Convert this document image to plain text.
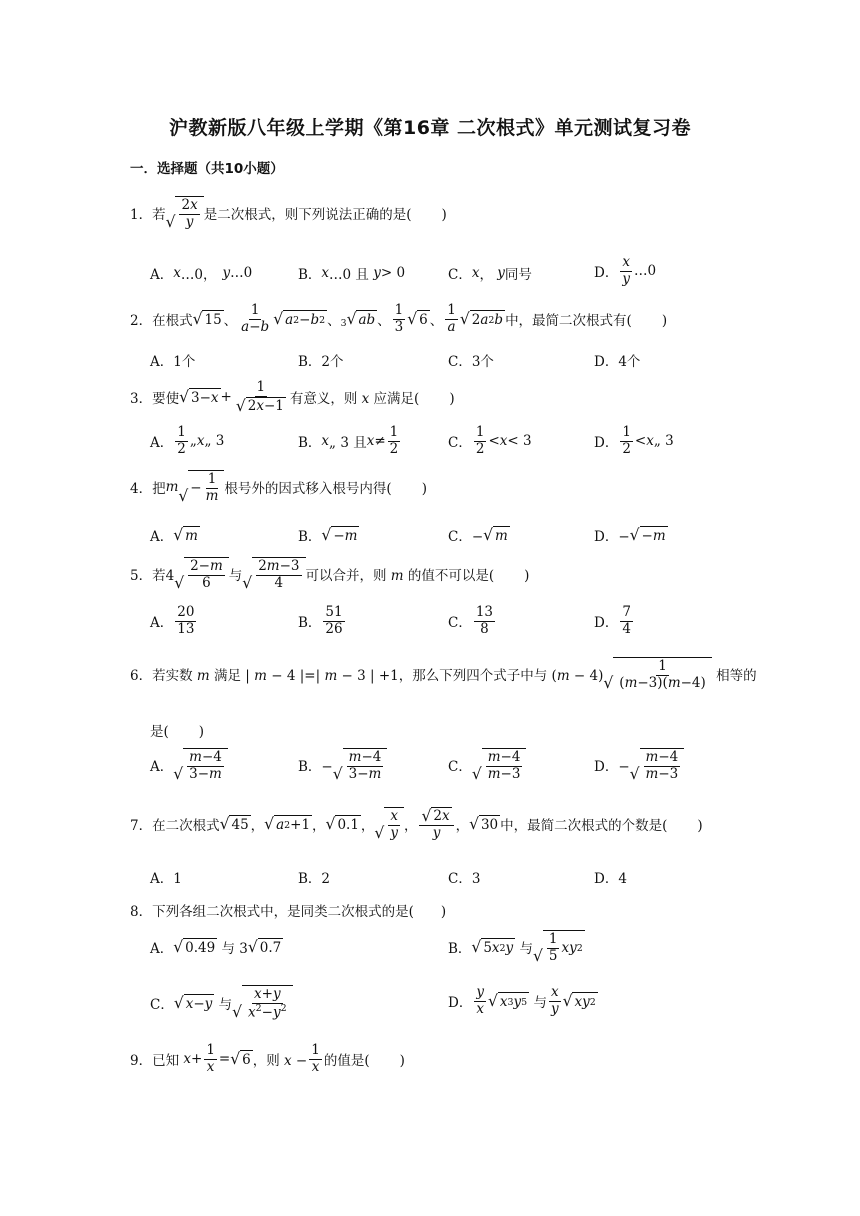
沪教新版八年级上学期《第16章 二次根式》单元测试复习卷
一．选择题（共10小题）
1． 若 √ $\frac{2x}{y}$ 是二次根式，则下列说法正确的是( )
A． x …0， y …0	B． x …0 且 y > 0	C． x ， y 同号	D． $\frac{x}{y}$ …0
2． 在根式 √ 15 、 $\frac{1}{a-b}$ √ a 2 − b 2 、 3 √ ab 、 $\frac{1}{3}$ √ 6 、 $\frac{1}{a}$ √ 2 a 2 b 中，最简二次根式有( )
A．1个	B．2个	C．3个	D．4个
3． 要使 √ $3- x + \frac{1}{√ 2 x -1}$ 有意义，则 x 应满足( )
A． $\frac{1}{2}$ „ x „ 3	B． x „ 3 且 $x \ne \frac{1}{2}$	C． $\frac{1}{2} < x < 3$	D． $\frac{1}{2} < x$ „ 3
4． 把 m √ − $\frac{1}{m}$ 根号外的因式移入根号内得( )
A． √ m	B． √ − m	C．− √ m	D．− √ − m
5． 若4 √ $\frac{2-m}{6}$ 与 √ $\frac{2m-3}{4}$ 可以合并，则 m 的值不可以是( )
A． $\frac{20}{13}$	B． $\frac{51}{26}$	C． $\frac{13}{8}$	D． $\frac{7}{4}$
6． 若实数 m 满足 | m − 4 |=| m − 3 | +1，那么下列四个式子中与 (m − 4) √ $\frac{1}{(m-3)(m-4)}$ 相等的
是( )
A． √ $\frac{m-4}{3-m}$	B．− √ $\frac{m-4}{3-m}$	C． √ $\frac{m-4}{m-3}$	D．− √ $\frac{m-4}{m-3}$
7． 在二次根式 √ 45 ， √ a 2 +1 ， √ 0.1 ， √ $\frac{x}{y}$ ， $\frac{√ 2 x}{y}$ ， √ 30 中，最简二次根式的个数是( )
A．1	B．2	C．3	D．4
8． 下列各组二次根式中，是同类二次根式的是(　　)
A． √ 0.49 与 3 √ 0.7	B． √ 5 x 2 y 与 √ $\frac{1}{5}$ xy 2
C． √ x − y 与 √ $\frac{x+y}{x^2-y^2}$	D． $\frac{y}{x}$ √ x 3 y 5 与 $\frac{x}{y}$ √ xy 2
9． 已知 $x + \frac{1}{x}$ = √ 6 ，则 $x - \frac{1}{x}$ 的值是( )
